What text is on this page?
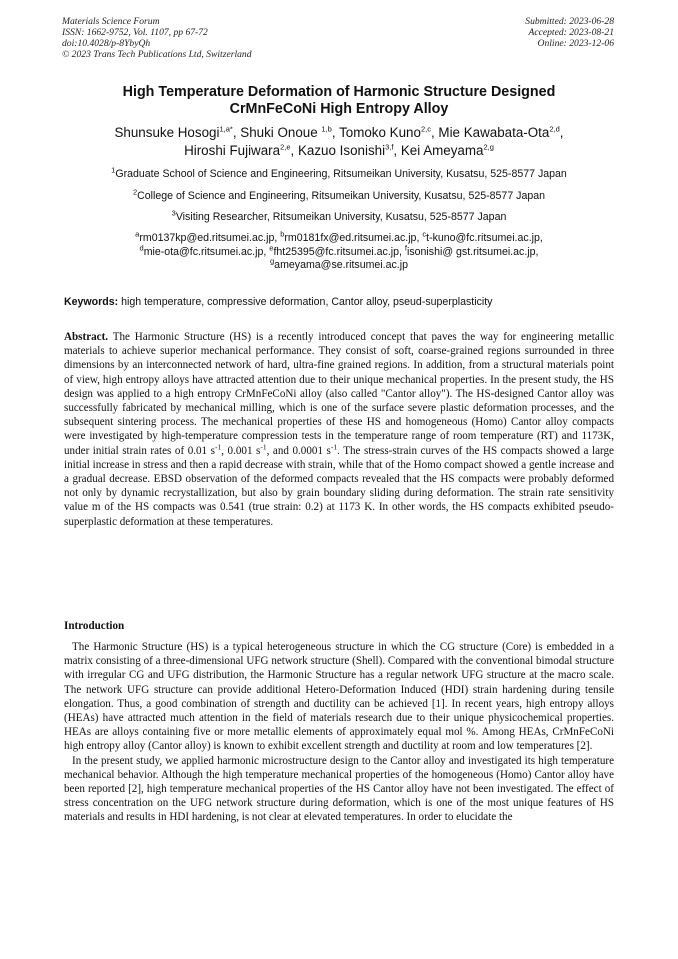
Materials Science Forum
ISSN: 1662-9752, Vol. 1107, pp 67-72
doi:10.4028/p-8YbyQh
© 2023 Trans Tech Publications Ltd, Switzerland
Submitted: 2023-06-28
Accepted: 2023-08-21
Online: 2023-12-06
High Temperature Deformation of Harmonic Structure Designed
CrMnFeCoNi High Entropy Alloy
Shunsuke Hosogi$^{1,a*}$, Shuki Onoue $^{1,b}$, Tomoko Kuno$^{2,c}$, Mie Kawabata-Ota$^{2,d}$,
Hiroshi Fujiwara$^{2,e}$, Kazuo Isonishi$^{3,f}$, Kei Ameyama$^{2,g}$
$^1$Graduate School of Science and Engineering, Ritsumeikan University, Kusatsu, 525-8577 Japan
$^2$College of Science and Engineering, Ritsumeikan University, Kusatsu, 525-8577 Japan
$^3$Visiting Researcher, Ritsumeikan University, Kusatsu, 525-8577 Japan
$^a$rm0137kp@ed.ritsumei.ac.jp, $^b$rm0181fx@ed.ritsumei.ac.jp, $^c$t-kuno@fc.ritsumei.ac.jp,
$^d$mie-ota@fc.ritsumei.ac.jp, $^e$fht25395@fc.ritsumei.ac.jp, $^f$isonishi@ gst.ritsumei.ac.jp,
$^g$ameyama@se.ritsumei.ac.jp
Keywords: high temperature, compressive deformation, Cantor alloy, pseud-superplasticity

Abstract. The Harmonic Structure (HS) is a recently introduced concept that paves the way for engineering metallic materials to achieve superior mechanical performance. They consist of soft, coarse-grained regions surrounded in three dimensions by an interconnected network of hard, ultra-fine grained regions. In addition, from a structural materials point of view, high entropy alloys have attracted attention due to their unique mechanical properties. In the present study, the HS design was applied to a high entropy CrMnFeCoNi alloy (also called "Cantor alloy"). The HS-designed Cantor alloy was successfully fabricated by mechanical milling, which is one of the surface severe plastic deformation processes, and the subsequent sintering process. The mechanical properties of these HS and homogeneous (Homo) Cantor alloy compacts were investigated by high-temperature compression tests in the temperature range of room temperature (RT) and 1173K, under initial strain rates of 0.01 $s^{-1}$, 0.001 $s^{-1}$, and 0.0001 $s^{-1}$. The stress-strain curves of the HS compacts showed a large initial increase in stress and then a rapid decrease with strain, while that of the Homo compact showed a gentle increase and a gradual decrease. EBSD observation of the deformed compacts revealed that the HS compacts were probably deformed not only by dynamic recrystallization, but also by grain boundary sliding during deformation. The strain rate sensitivity value m of the HS compacts was 0.541 (true strain: 0.2) at 1173 K. In other words, the HS compacts exhibited pseudo-superplastic deformation at these temperatures.

Introduction

The Harmonic Structure (HS) is a typical heterogeneous structure in which the CG structure (Core) is embedded in a matrix consisting of a three-dimensional UFG network structure (Shell). Compared with the conventional bimodal structure with irregular CG and UFG distribution, the Harmonic Structure has a regular network UFG structure at the macro scale. The network UFG structure can provide additional Hetero-Deformation Induced (HDI) strain hardening during tensile elongation. Thus, a good combination of strength and ductility can be achieved [1]. In recent years, high entropy alloys (HEAs) have attracted much attention in the field of materials research due to their unique physicochemical properties. HEAs are alloys containing five or more metallic elements of approximately equal mol %. Among HEAs, CrMnFeCoNi high entropy alloy (Cantor alloy) is known to exhibit excellent strength and ductility at room and low temperatures [2].

In the present study, we applied harmonic microstructure design to the Cantor alloy and investigated its high temperature mechanical behavior. Although the high temperature mechanical properties of the homogeneous (Homo) Cantor alloy have been reported [2], high temperature mechanical properties of the HS Cantor alloy have not been investigated. The effect of stress concentration on the UFG network structure during deformation, which is one of the most unique features of HS materials and results in HDI hardening, is not clear at elevated temperatures. In order to elucidate the
